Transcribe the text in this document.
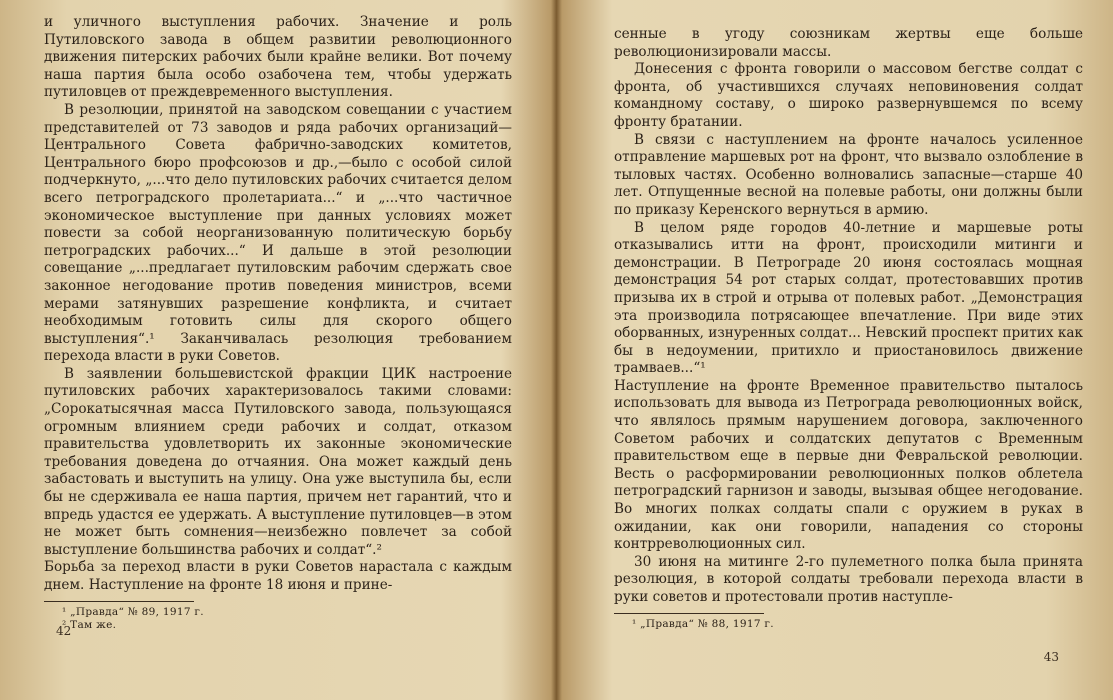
и уличного выступления рабочих. Значение и роль Путиловского завода в общем развитии революционного движения питерских рабочих были крайне велики. Вот почему наша партия была особо озабочена тем, чтобы удержать путиловцев от преждевременного выступления.

В резолюции, принятой на заводском совещании с участием представителей от 73 заводов и ряда рабочих организаций—Центрального Совета фабрично-заводских комитетов, Центрального бюро профсоюзов и др.,—было с особой силой подчеркнуто, „...что дело путиловских рабочих считается делом всего петроградского пролетариата...“ и „...что частичное экономическое выступление при данных условиях может повести за собой неорганизованную политическую борьбу петроградских рабочих...“ И дальше в этой резолюции совещание „...предлагает путиловским рабочим сдержать свое законное негодование против поведения министров, всеми мерами затянувших разрешение конфликта, и считает необходимым готовить силы для скорого общего выступления“.¹ Заканчивалась резолюция требованием перехода власти в руки Советов.

В заявлении большевистской фракции ЦИК настроение путиловских рабочих характеризовалось такими словами: „Сорокатысячная масса Путиловского завода, пользующаяся огромным влиянием среди рабочих и солдат, отказом правительства удовлетворить их законные экономические требования доведена до отчаяния. Она может каждый день забастовать и выступить на улицу. Она уже выступила бы, если бы не сдерживала ее наша партия, причем нет гарантий, что и впредь удастся ее удержать. А выступление путиловцев—в этом не может быть сомнения—неизбежно повлечет за собой выступление большинства рабочих и солдат“.²

Борьба за переход власти в руки Советов нарастала с каждым днем. Наступление на фронте 18 июня и прине-

¹ „Правда“ № 89, 1917 г.

² Там же.

42

сенные в угоду союзникам жертвы еще больше революционизировали массы.

Донесения с фронта говорили о массовом бегстве солдат с фронта, об участившихся случаях неповиновения солдат командному составу, о широко развернувшемся по всему фронту братании.

В связи с наступлением на фронте началось усиленное отправление маршевых рот на фронт, что вызвало озлобление в тыловых частях. Особенно волновались запасные—старше 40 лет. Отпущенные весной на полевые работы, они должны были по приказу Керенского вернуться в армию.

В целом ряде городов 40-летние и маршевые роты отказывались итти на фронт, происходили митинги и демонстрации. В Петрограде 20 июня состоялась мощная демонстрация 54 рот старых солдат, протестовавших против призыва их в строй и отрыва от полевых работ. „Демонстрация эта производила потрясающее впечатление. При виде этих оборванных, изнуренных солдат... Невский проспект притих как бы в недоумении, притихло и приостановилось движение трамваев...“¹

Наступление на фронте Временное правительство пыталось использовать для вывода из Петрограда революционных войск, что являлось прямым нарушением договора, заключенного Советом рабочих и солдатских депутатов с Временным правительством еще в первые дни Февральской революции. Весть о расформировании революционных полков облетела петроградский гарнизон и заводы, вызывая общее негодование. Во многих полках солдаты спали с оружием в руках в ожидании, как они говорили, нападения со стороны контрреволюционных сил.

30 июня на митинге 2-го пулеметного полка была принята резолюция, в которой солдаты требовали перехода власти в руки советов и протестовали против наступле-

¹ „Правда“ № 88, 1917 г.

43
